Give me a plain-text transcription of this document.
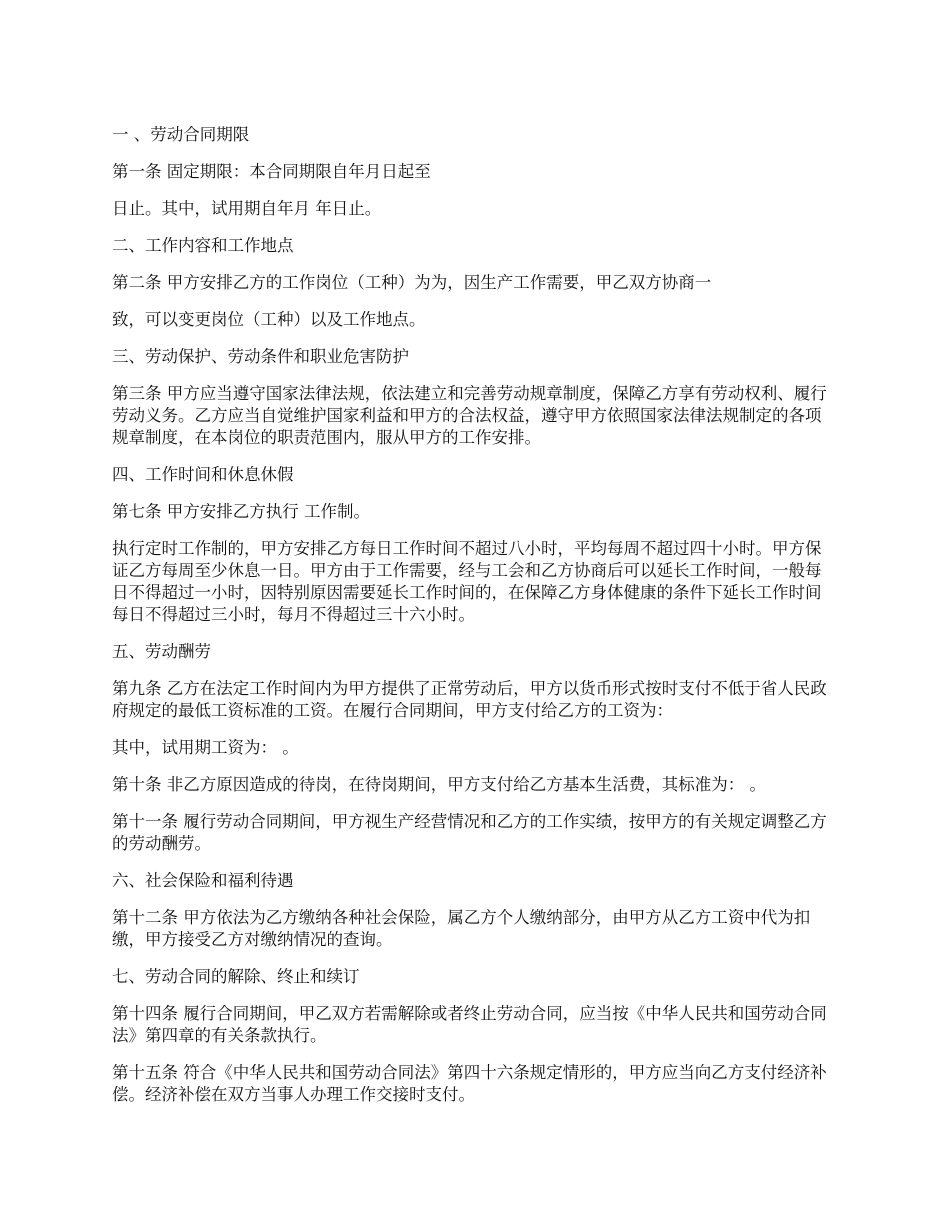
一 、劳动合同期限

第一条 固定期限：本合同期限自年月日起至

日止。其中，试用期自年月 年日止。

二、工作内容和工作地点

第二条 甲方安排乙方的工作岗位（工种）为为，因生产工作需要，甲乙双方协商一

致，可以变更岗位（工种）以及工作地点。

三、劳动保护、劳动条件和职业危害防护

第三条 甲方应当遵守国家法律法规，依法建立和完善劳动规章制度，保障乙方享有劳动权利、履行劳动义务。乙方应当自觉维护国家利益和甲方的合法权益，遵守甲方依照国家法律法规制定的各项规章制度，在本岗位的职责范围内，服从甲方的工作安排。

四、工作时间和休息休假

第七条 甲方安排乙方执行 工作制。

执行定时工作制的，甲方安排乙方每日工作时间不超过八小时，平均每周不超过四十小时。甲方保证乙方每周至少休息一日。甲方由于工作需要，经与工会和乙方协商后可以延长工作时间，一般每日不得超过一小时，因特别原因需要延长工作时间的，在保障乙方身体健康的条件下延长工作时间每日不得超过三小时，每月不得超过三十六小时。

五、劳动酬劳

第九条 乙方在法定工作时间内为甲方提供了正常劳动后，甲方以货币形式按时支付不低于省人民政府规定的最低工资标准的工资。在履行合同期间，甲方支付给乙方的工资为：

其中，试用期工资为： 。

第十条 非乙方原因造成的待岗，在待岗期间，甲方支付给乙方基本生活费，其标准为： 。

第十一条 履行劳动合同期间，甲方视生产经营情况和乙方的工作实绩，按甲方的有关规定调整乙方的劳动酬劳。

六、社会保险和福利待遇

第十二条 甲方依法为乙方缴纳各种社会保险，属乙方个人缴纳部分，由甲方从乙方工资中代为扣缴，甲方接受乙方对缴纳情况的查询。

七、劳动合同的解除、终止和续订

第十四条 履行合同期间，甲乙双方若需解除或者终止劳动合同，应当按《中华人民共和国劳动合同法》第四章的有关条款执行。

第十五条 符合《中华人民共和国劳动合同法》第四十六条规定情形的，甲方应当向乙方支付经济补偿。经济补偿在双方当事人办理工作交接时支付。
